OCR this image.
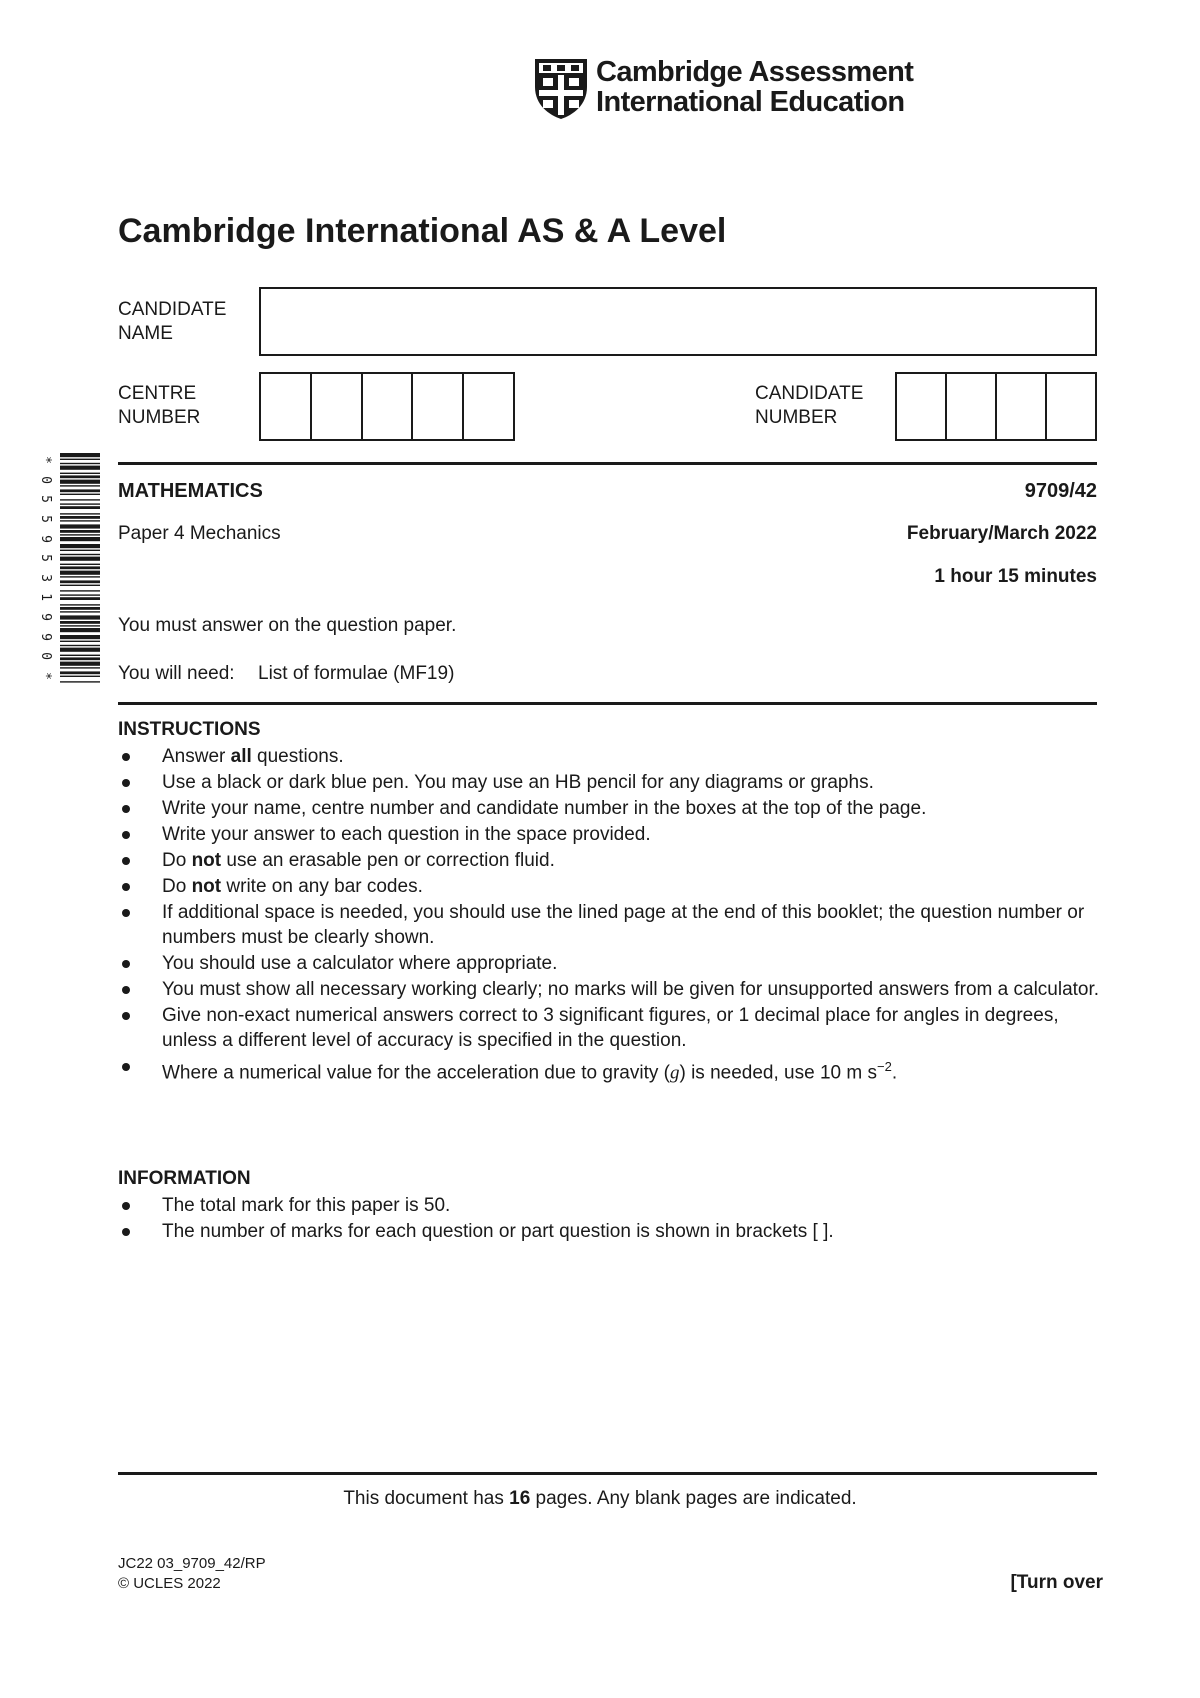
Cambridge Assessment
International Education
Cambridge International AS & A Level
CANDIDATE
NAME
CENTRE
NUMBER
CANDIDATE
NUMBER
*
0
5
5
9
5
3
1
9
9
0
*
MATHEMATICS	9709/42
Paper 4 Mechanics	February/March 2022
1 hour 15 minutes
You must answer on the question paper.
You will need: List of formulae (MF19)
INSTRUCTIONS
Answer all questions.
Use a black or dark blue pen. You may use an HB pencil for any diagrams or graphs.
Write your name, centre number and candidate number in the boxes at the top of the page.
Write your answer to each question in the space provided.
Do not use an erasable pen or correction fluid.
Do not write on any bar codes.
If additional space is needed, you should use the lined page at the end of this booklet; the question number or numbers must be clearly shown.
You should use a calculator where appropriate.
You must show all necessary working clearly; no marks will be given for unsupported answers from a calculator.
Give non-exact numerical answers correct to 3 significant figures, or 1 decimal place for angles in degrees, unless a different level of accuracy is specified in the question.
Where a numerical value for the acceleration due to gravity (g) is needed, use 10 m $s^{-2}$.
INFORMATION
The total mark for this paper is 50.
The number of marks for each question or part question is shown in brackets [ ].
This document has 16 pages. Any blank pages are indicated.
JC22 03_9709_42/RP
© UCLES 2022	[Turn over
